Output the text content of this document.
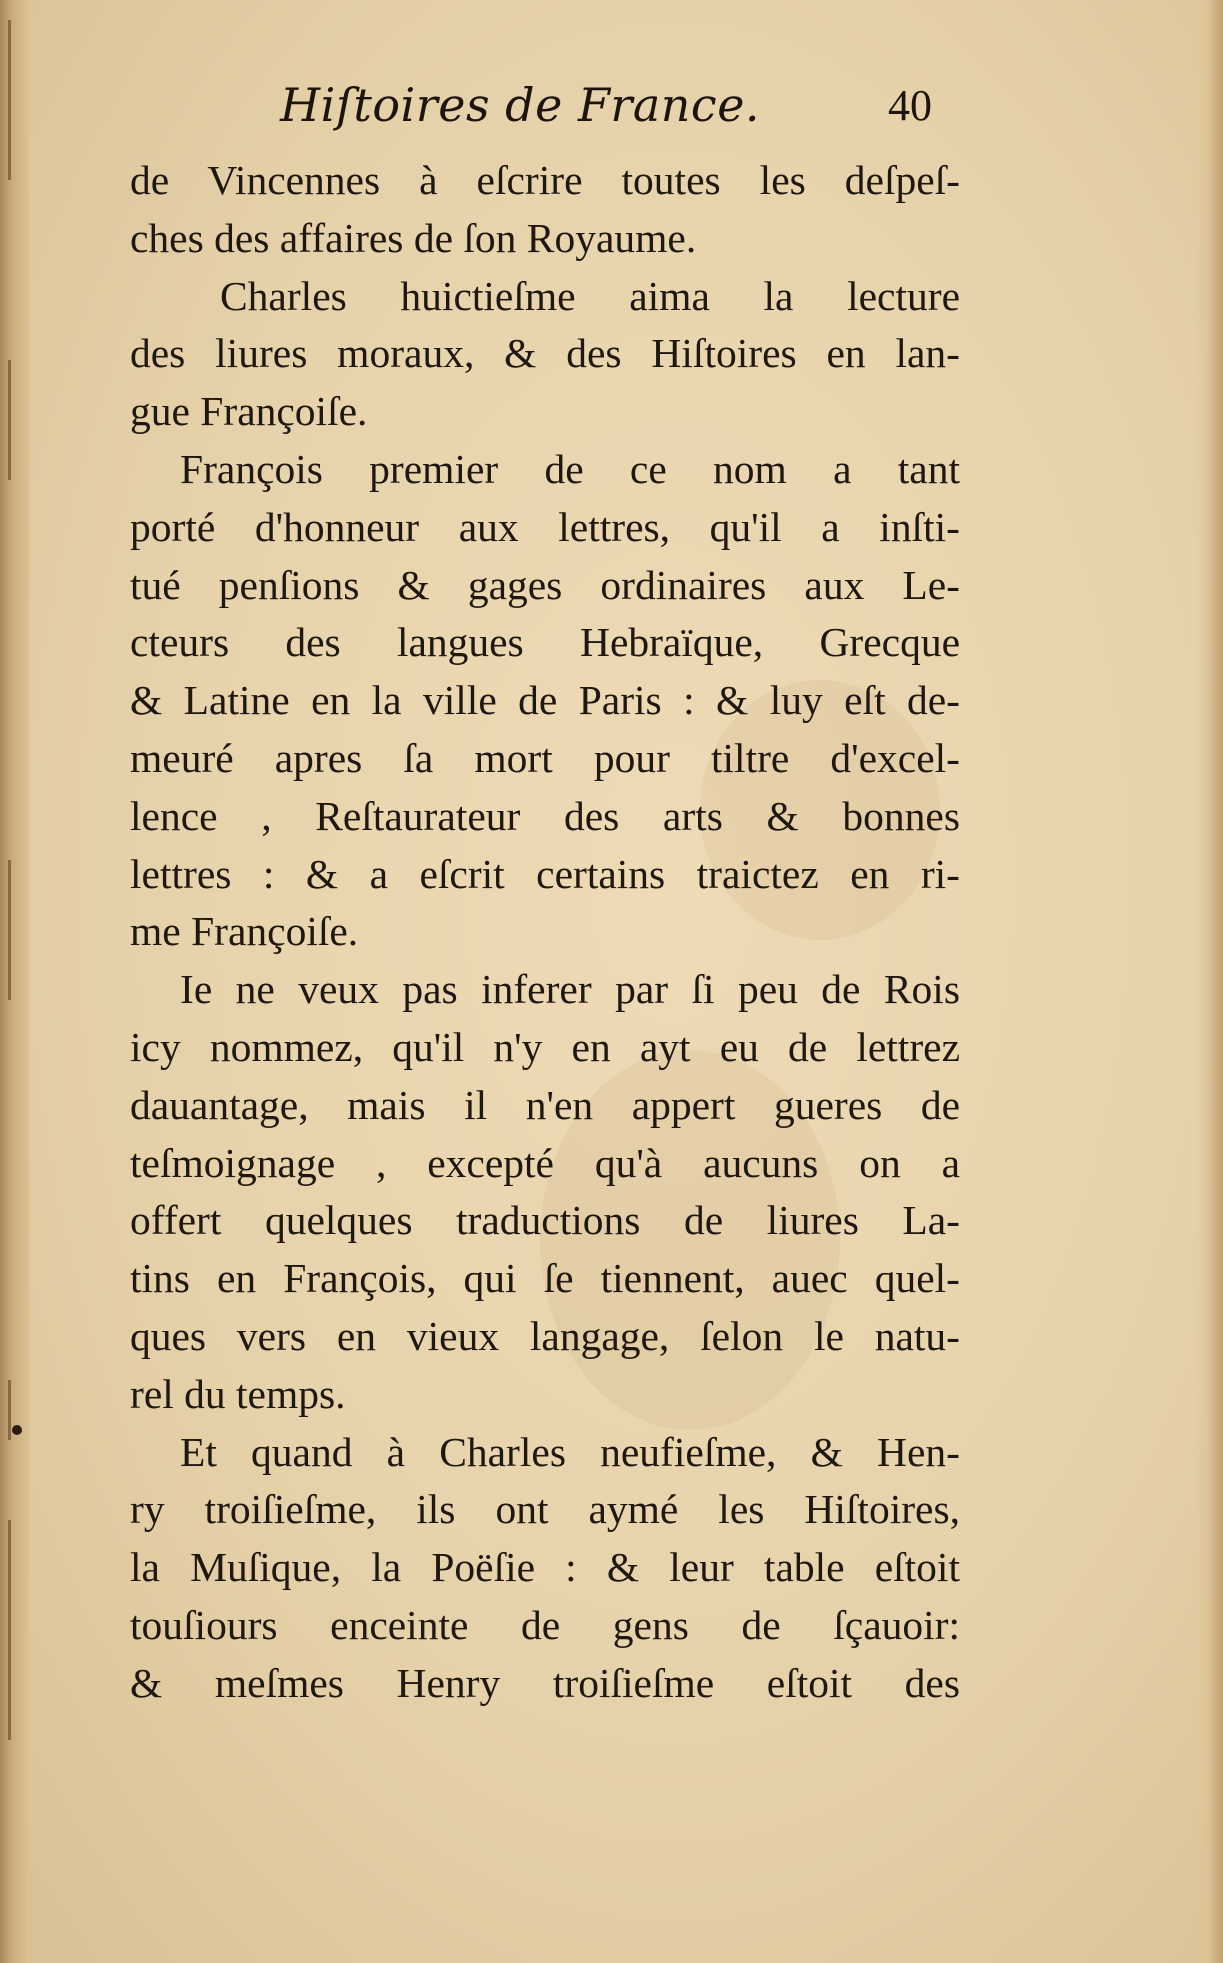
Hiſtoires de France.	40
de Vincennes à eſcrire toutes les deſpeſ-
ches des affaires de ſon Royaume.
Charles huictieſme aima la lecture
des liures moraux, & des Hiſtoires en lan-
gue Françoiſe.
François premier de ce nom a tant
porté d'honneur aux lettres, qu'il a inſti-
tué penſions & gages ordinaires aux Le-
cteurs des langues Hebraïque, Grecque
& Latine en la ville de Paris : & luy eſt de-
meuré apres ſa mort pour tiltre d'excel-
lence , Reſtaurateur des arts & bonnes
lettres : & a eſcrit certains traictez en ri-
me Françoiſe.
Ie ne veux pas inferer par ſi peu de Rois
icy nommez, qu'il n'y en ayt eu de lettrez
dauantage, mais il n'en appert gueres de
teſmoignage , excepté qu'à aucuns on a
offert quelques traductions de liures La-
tins en François, qui ſe tiennent, auec quel-
ques vers en vieux langage, ſelon le natu-
rel du temps.
Et quand à Charles neufieſme, & Hen-
ry troiſieſme, ils ont aymé les Hiſtoires,
la Muſique, la Poëſie : & leur table eſtoit
touſiours enceinte de gens de ſçauoir:
& meſmes Henry troiſieſme eſtoit des
